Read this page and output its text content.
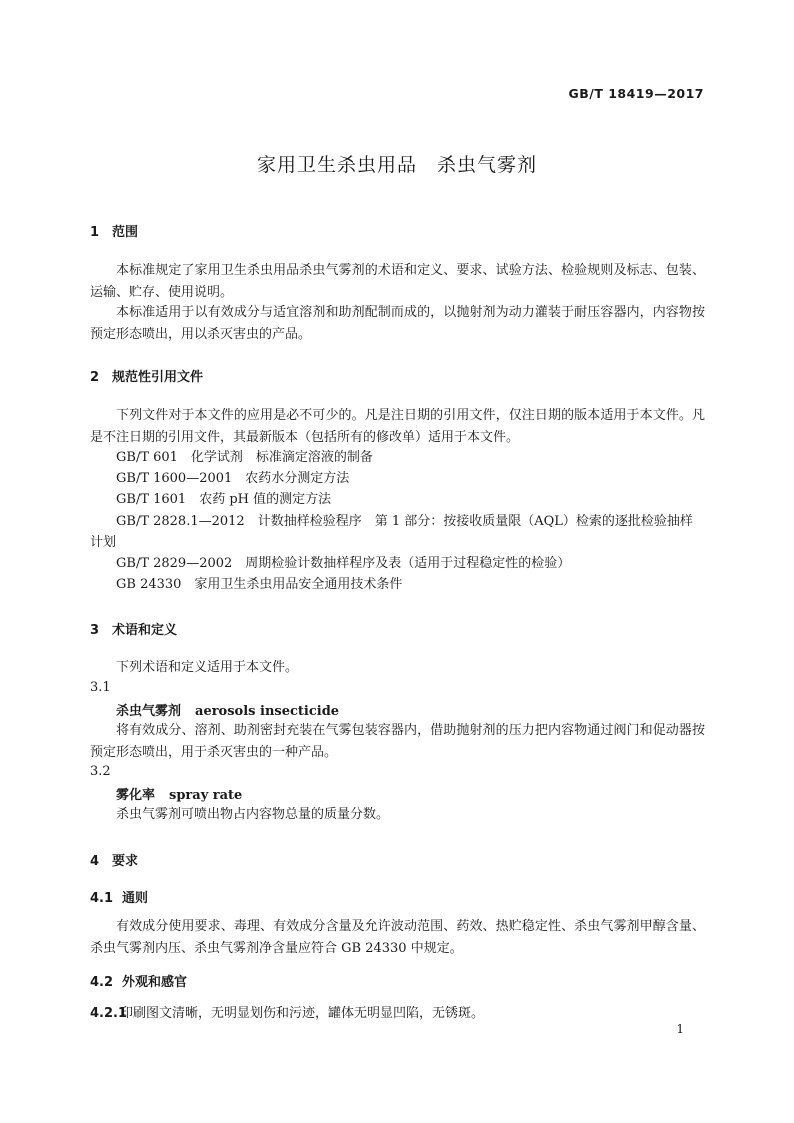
GB/T 18419—2017
家用卫生杀虫用品　杀虫气雾剂
1 范围
本标准规定了家用卫生杀虫用品杀虫气雾剂的术语和定义、要求、试验方法、检验规则及标志、包装、运输、贮存、使用说明。
本标准适用于以有效成分与适宜溶剂和助剂配制而成的，以抛射剂为动力灌装于耐压容器内，内容物按预定形态喷出，用以杀灭害虫的产品。
2 规范性引用文件
下列文件对于本文件的应用是必不可少的。凡是注日期的引用文件，仅注日期的版本适用于本文件。凡是不注日期的引用文件，其最新版本（包括所有的修改单）适用于本文件。
GB/T 601　化学试剂　标准滴定溶液的制备
GB/T 1600—2001　农药水分测定方法
GB/T 1601　农药 pH 值的测定方法
GB/T 2828.1—2012　计数抽样检验程序　第 1 部分：按接收质量限（AQL）检索的逐批检验抽样
计划
GB/T 2829—2002　周期检验计数抽样程序及表（适用于过程稳定性的检验）
GB 24330　家用卫生杀虫用品安全通用技术条件
3 术语和定义
下列术语和定义适用于本文件。
3.1
杀虫气雾剂 aerosols insecticide
将有效成分、溶剂、助剂密封充装在气雾包装容器内，借助抛射剂的压力把内容物通过阀门和促动器按预定形态喷出，用于杀灭害虫的一种产品。
3.2
雾化率 spray rate
杀虫气雾剂可喷出物占内容物总量的质量分数。
4 要求
4.1 通则
有效成分使用要求、毒理、有效成分含量及允许波动范围、药效、热贮稳定性、杀虫气雾剂甲醇含量、杀虫气雾剂内压、杀虫气雾剂净含量应符合 GB 24330 中规定。
4.2 外观和感官
4.2.1印刷图文清晰，无明显划伤和污迹，罐体无明显凹陷，无锈斑。
1
